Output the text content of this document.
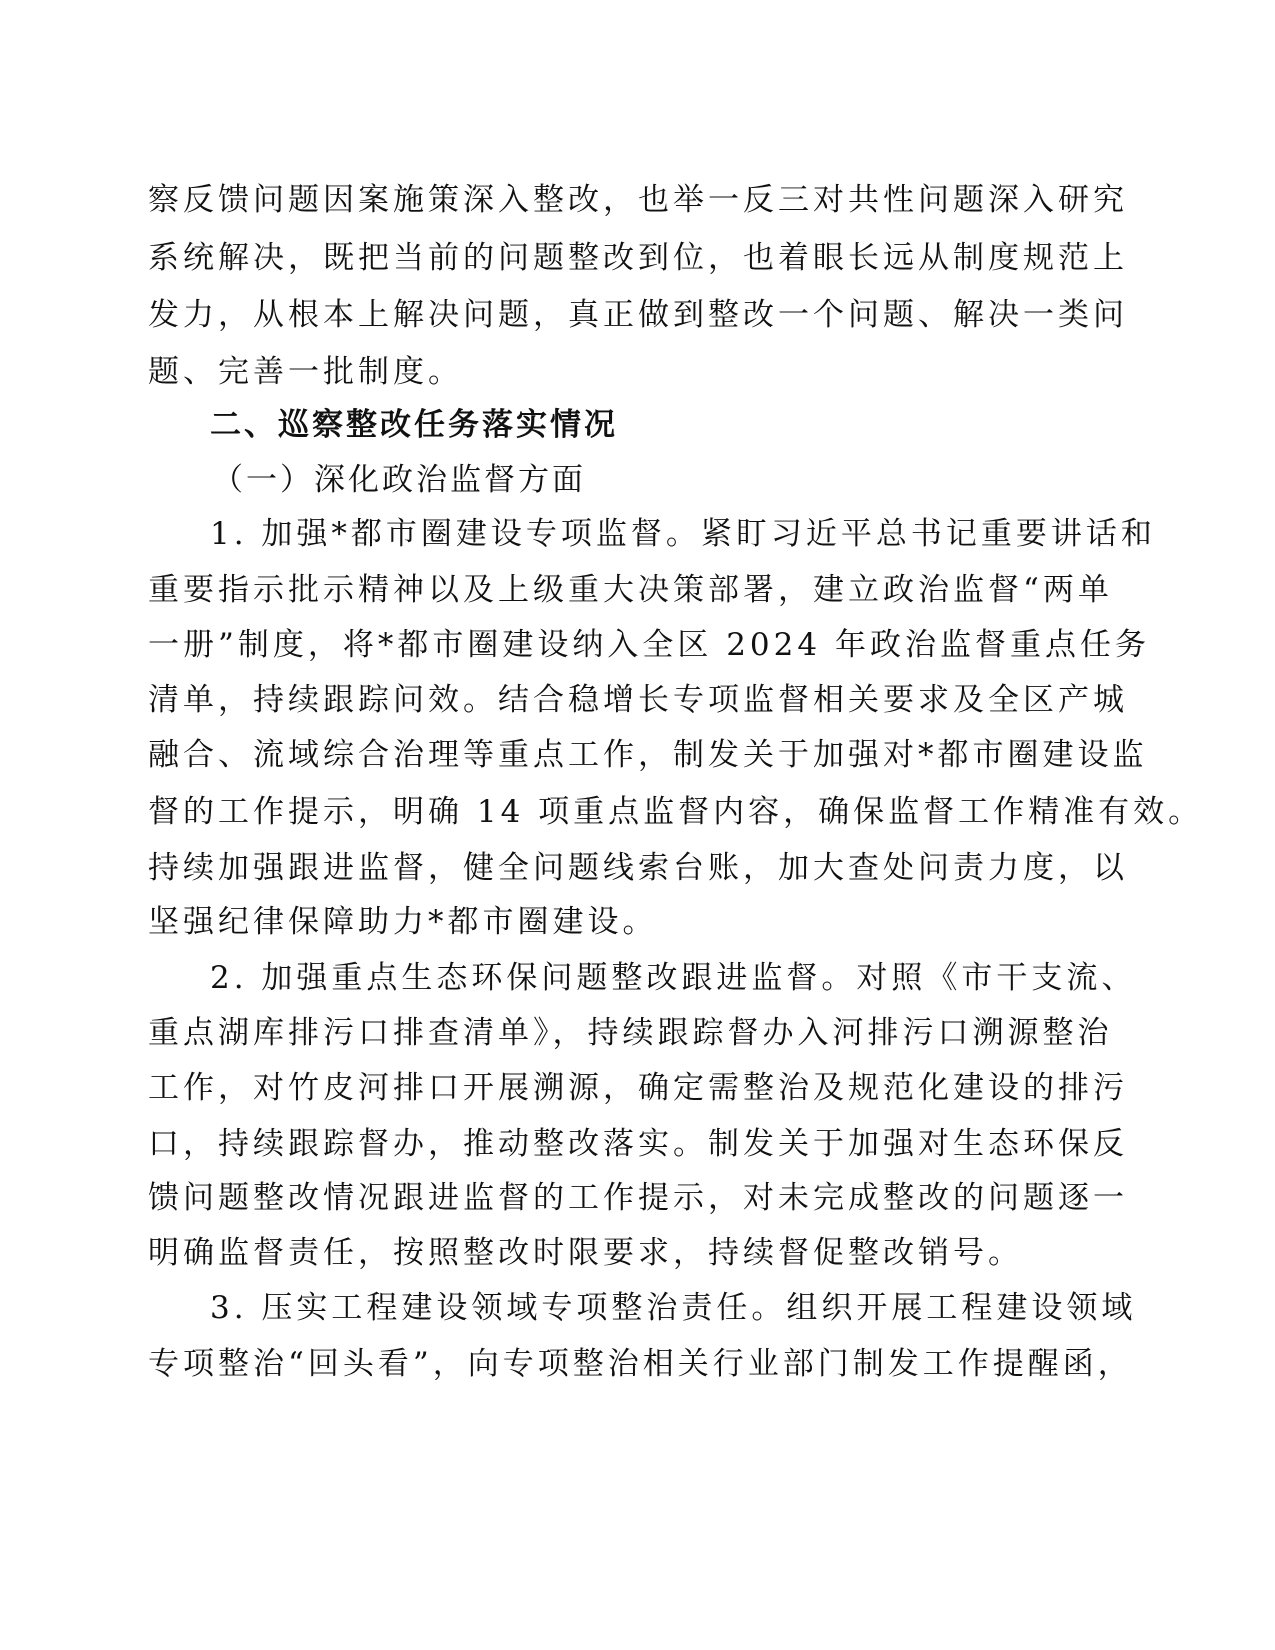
察反馈问题因案施策深入整改，也举一反三对共性问题深入研究
系统解决，既把当前的问题整改到位，也着眼长远从制度规范上
发力，从根本上解决问题，真正做到整改一个问题、解决一类问
题、完善一批制度。
二、巡察整改任务落实情况
（一）深化政治监督方面
1. 加强*都市圈建设专项监督。紧盯习近平总书记重要讲话和
重要指示批示精神以及上级重大决策部署，建立政治监督“两单
一册”制度，将*都市圈建设纳入全区 2024 年政治监督重点任务
清单，持续跟踪问效。结合稳增长专项监督相关要求及全区产城
融合、流域综合治理等重点工作，制发关于加强对*都市圈建设监
督的工作提示，明确 14 项重点监督内容，确保监督工作精准有效。
持续加强跟进监督，健全问题线索台账，加大查处问责力度，以
坚强纪律保障助力*都市圈建设。
2. 加强重点生态环保问题整改跟进监督。对照《市干支流、
重点湖库排污口排查清单》，持续跟踪督办入河排污口溯源整治
工作，对竹皮河排口开展溯源，确定需整治及规范化建设的排污
口，持续跟踪督办，推动整改落实。制发关于加强对生态环保反
馈问题整改情况跟进监督的工作提示，对未完成整改的问题逐一
明确监督责任，按照整改时限要求，持续督促整改销号。
3. 压实工程建设领域专项整治责任。组织开展工程建设领域
专项整治“回头看”，向专项整治相关行业部门制发工作提醒函，
